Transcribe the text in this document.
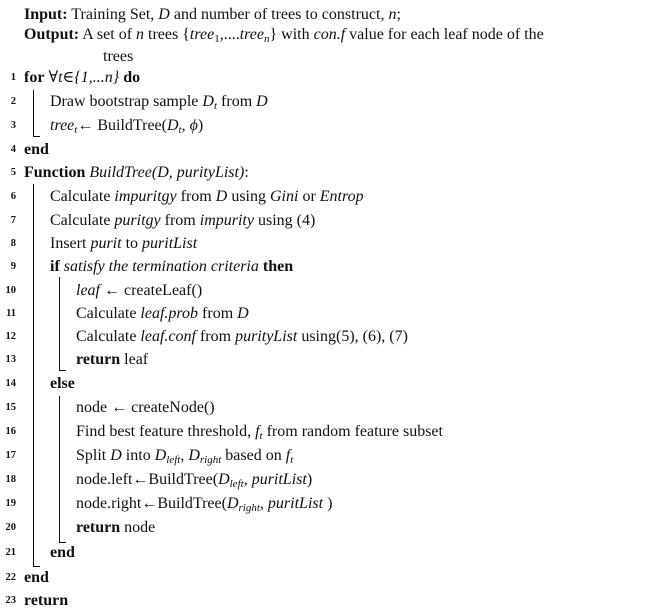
Input: Training Set, D and number of trees to construct, n;
Output: A set of n trees {tree$_1$,....tree$_n$} with con.f value for each leaf node of the
trees
1 for ∀t∈{1,...n} do
2 Draw bootstrap sample $D_t$ from D
3 tree$_t$← $BuildTree(D_t$, ϕ)
4 end
5 Function BuildTree(D, purityList):
6 Calculate impuritgy from D using Gini or Entrop
7 Calculate puritgy from impurity using (4)
8 Insert purit to puritList
9 if satisfy the termination criteria then
10	leaf ← createLeaf()
11	Calculate leaf.prob from D
12	Calculate leaf.conf from purityList using(5), (6), (7)
13	return leaf
14 else
15	node ← createNode()
16	Find best feature threshold, $f_t$ from random feature subset
17	Split D into $D_{left}$, $D_{right}$ based on $f_t$
18	$node.left\leftarrow BuildTree(D_{left}$, puritList)
19	$node.right\leftarrow BuildTree(D_{right}$, puritList )
20	return node
21 end
22 end
23 return
